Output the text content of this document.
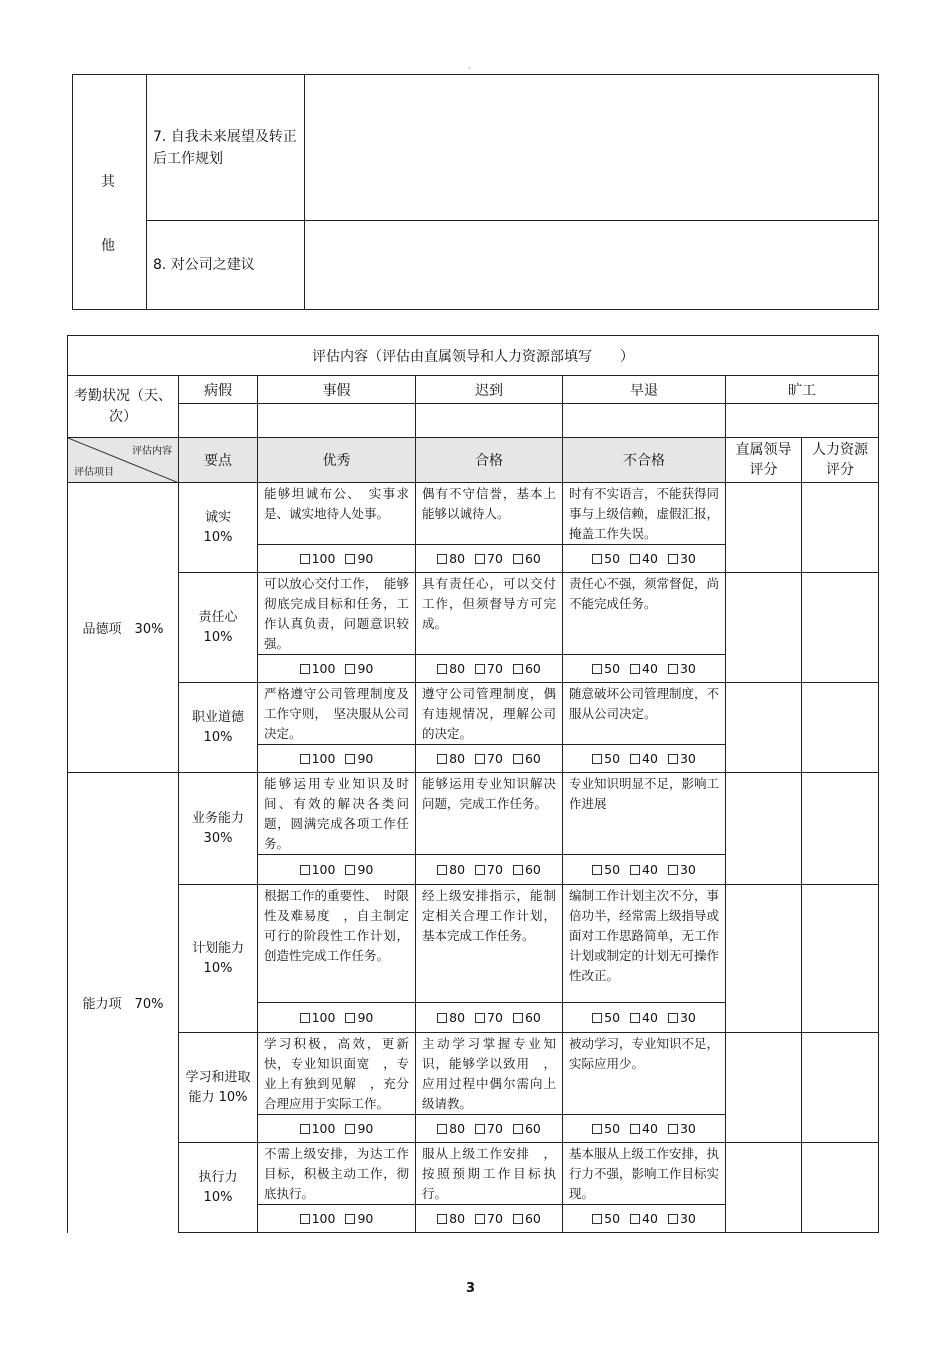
。
其
他	7. 自我未来展望及转正后工作规划	
	8. 对公司之建议	
评估内容（评估由直属领导和人力资源部填写　　）						
考勤状况（天、次）	病假	事假	迟到	早退	旷工	

评估内容
评估项目	要点	优秀	合格	不合格	直属领导评分	人力资源评分
品德项　30%	诚实　10%	能够坦诚布公、　实事求是、诚实地待人处事。	偶有不守信誉，基本上能够以诚待人。	时有不实语言，不能获得同事与上级信赖，虚假汇报，掩盖工作失误。		
		100 90	80 70 60	50 40 30		
	责任心 10%	可以放心交付工作，　能够彻底完成目标和任务，工作认真负责，问题意识较强。	具有责任心，可以交付工作，但须督导方可完成。	责任心不强，须常督促，尚不能完成任务。		
		100 90	80 70 60	50 40 30		
	职业道德 10%	严格遵守公司管理制度及工作守则，　坚决服从公司决定。	遵守公司管理制度，偶有违规情况，理解公司的决定。	随意破坏公司管理制度，不服从公司决定。		
		100 90	80 70 60	50 40 30		
能力项　70%	业务能力 30%	能够运用专业知识及时间、有效的解决各类问题，圆满完成各项工作任务。	能够运用专业知识解决问题，完成工作任务。	专业知识明显不足，影响工作进展		
		100 90	80 70 60	50 40 30		
	计划能力 10%	根据工作的重要性、　时限性及难易度　，自主制定可行的阶段性工作计划，创造性完成工作任务。	经上级安排指示，能制定相关合理工作计划，基本完成工作任务。	编制工作计划主次不分，事倍功半，经常需上级指导或面对工作思路简单，无工作计划或制定的计划无可操作性改正。		
		100 90	80 70 60	50 40 30		
	学习和进取能力 10%	学习积极，高效，更新快，专业知识面宽　，专业上有独到见解　，充分合理应用于实际工作。	主动学习掌握专业知识，能够学以致用　，应用过程中偶尔需向上级请教。	被动学习，专业知识不足，实际应用少。		
		100 90	80 70 60	50 40 30		
	执行力 10%	不需上级安排，为达工作目标，积极主动工作，彻底执行。	服从上级工作安排　，按照预期工作目标执行。	基本服从上级工作安排，执行力不强，影响工作目标实现。		
		100 90	80 70 60	50 40 30		
3
